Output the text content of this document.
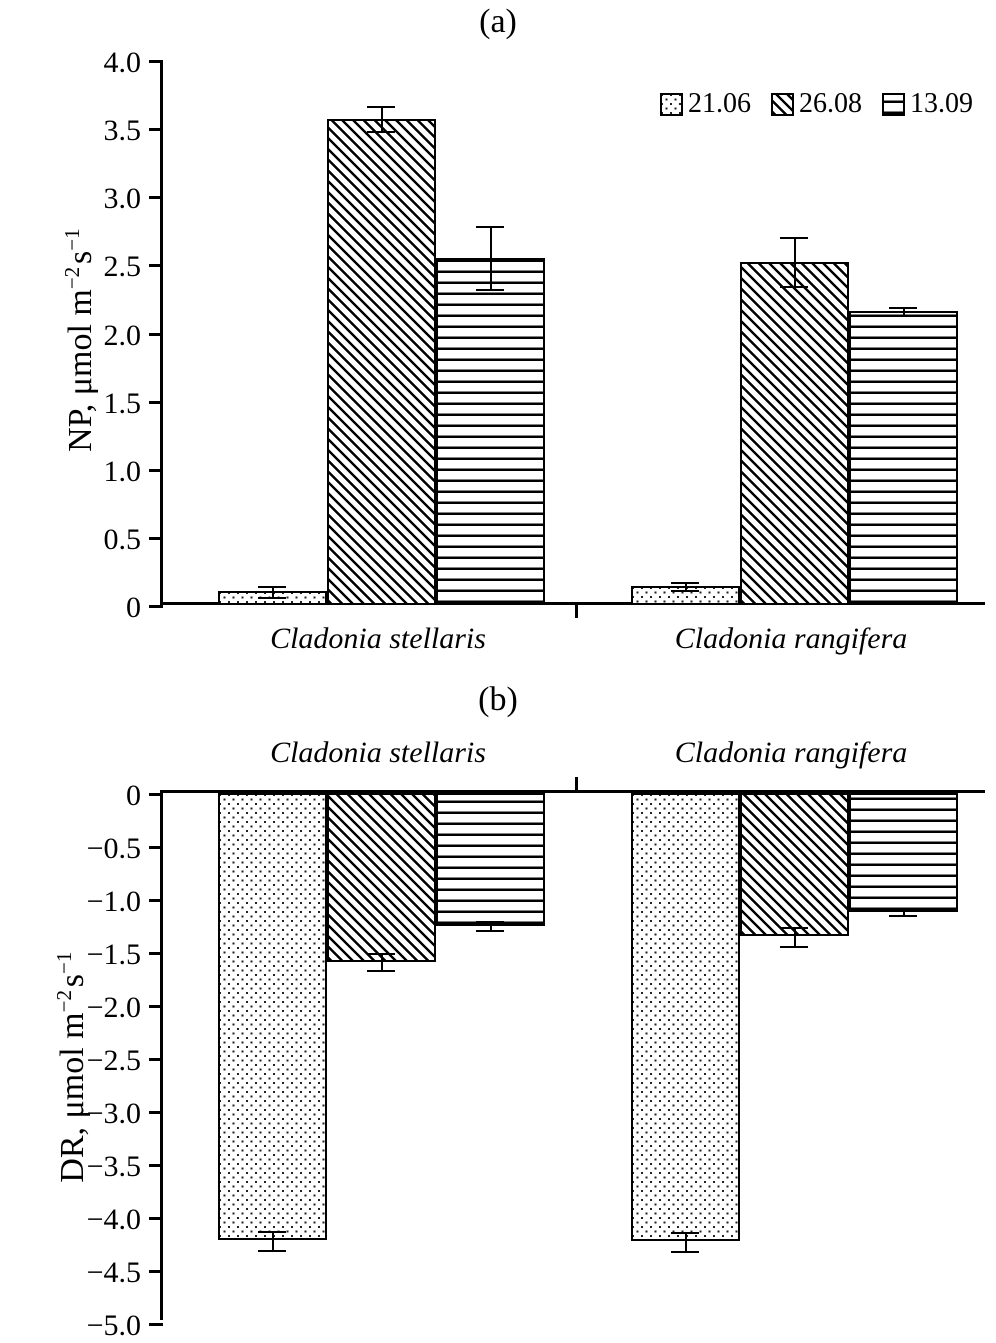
(a)
NP, μmol $m^{-2}$ $s^{-1}$
0
0.5
1.0
1.5
2.0
2.5
3.0
3.5
4.0
21.06 26.08 13.09
Cladonia stellaris	Cladonia rangifera
(b)
Cladonia stellaris	Cladonia rangifera
DR, μmol $m^{-2}$ $s^{-1}$
0
−0.5
−1.0
−1.5
−2.0
−2.5
−3.0
−3.5
−4.0
−4.5
−5.0
